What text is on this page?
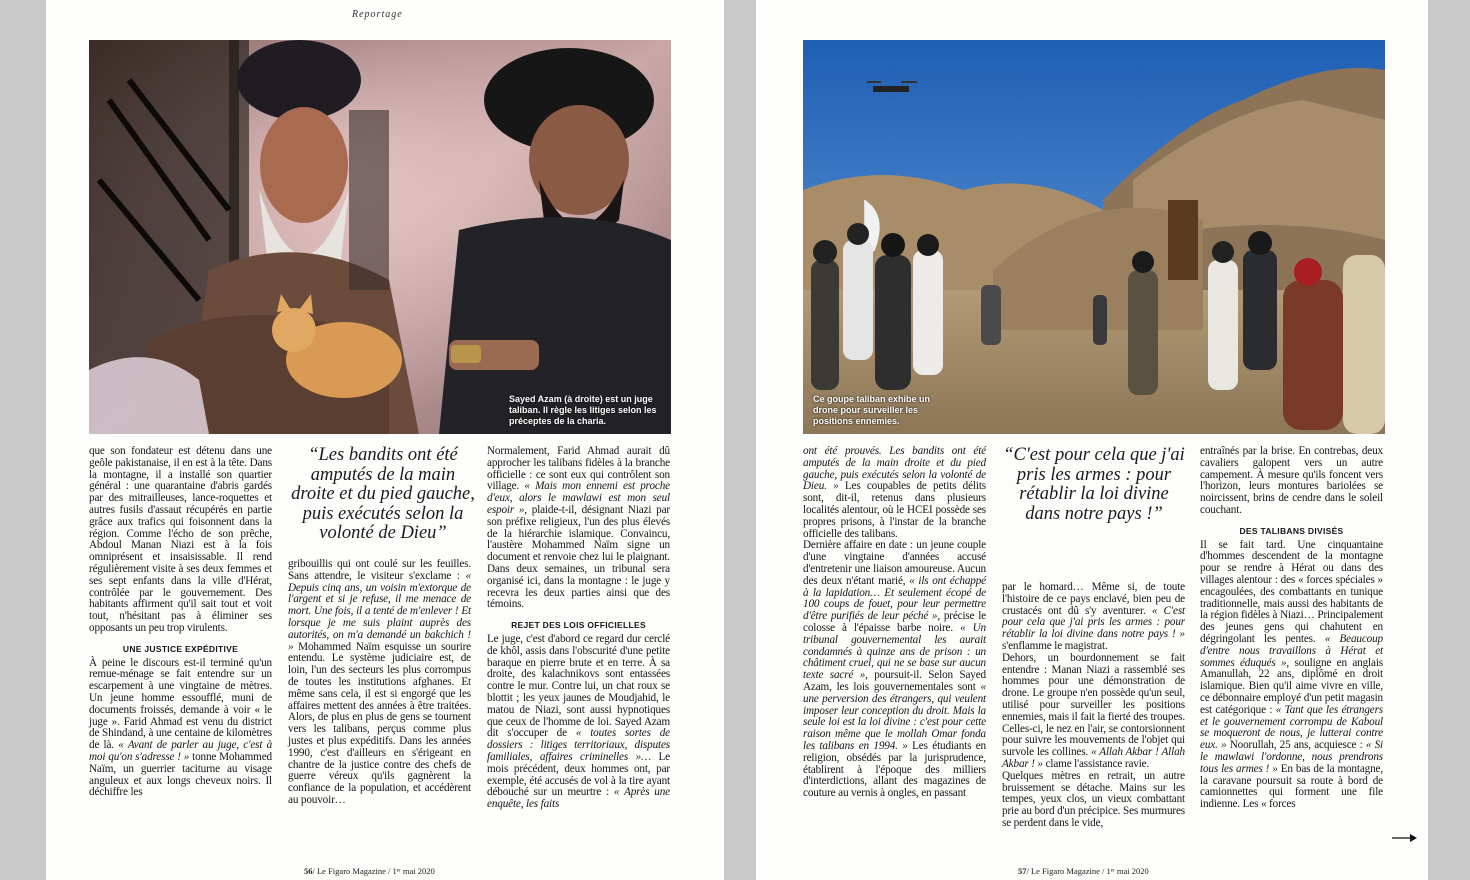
Reportage
Sayed Azam (à droite) est un juge taliban. Il règle les litiges selon les préceptes de la charia.

que son fondateur est détenu dans une geôle pakistanaise, il en est à la tête. Dans la montagne, il a installé son quartier général : une quarantaine d'abris gardés par des mitrailleuses, lance-roquettes et autres fusils d'assaut récupérés en partie grâce aux trafics qui foisonnent dans la région. Comme l'écho de son prêche, Abdoul Manan Niazi est à la fois omniprésent et insaisissable. Il rend régulièrement visite à ses deux femmes et ses sept enfants dans la ville d'Hérat, contrôlée par le gouvernement. Des habitants affirment qu'il sait tout et voit tout, n'hésitant pas à éliminer ses opposants un peu trop virulents.

UNE JUSTICE EXPÉDITIVE

À peine le discours est-il terminé qu'un remue-ménage se fait entendre sur un escarpement à une vingtaine de mètres. Un jeune homme essoufflé, muni de documents froissés, demande à voir « le juge ». Farid Ahmad est venu du district de Shindand, à une centaine de kilomètres de là. « Avant de parler au juge, c'est à moi qu'on s'adresse ! » tonne Mohammed Naïm, un guerrier taciturne au visage anguleux et aux longs cheveux noirs. Il déchiffre les

“Les bandits ont été amputés de la main droite et du pied gauche, puis exécutés selon la volonté de Dieu”

gribouillis qui ont coulé sur les feuilles. Sans attendre, le visiteur s'exclame : « Depuis cinq ans, un voisin m'extorque de l'argent et si je refuse, il me menace de mort. Une fois, il a tenté de m'enlever ! Et lorsque je me suis plaint auprès des autorités, on m'a demandé un bakchich ! » Mohammed Naïm esquisse un sourire entendu. Le système judiciaire est, de loin, l'un des secteurs les plus corrompus de toutes les institutions afghanes. Et même sans cela, il est si engorgé que les affaires mettent des années à être traitées. Alors, de plus en plus de gens se tournent vers les talibans, perçus comme plus justes et plus expéditifs. Dans les années 1990, c'est d'ailleurs en s'érigeant en chantre de la justice contre des chefs de guerre véreux qu'ils gagnèrent la confiance de la population, et accédèrent au pouvoir…

Normalement, Farid Ahmad aurait dû approcher les talibans fidèles à la branche officielle : ce sont eux qui contrôlent son village. « Mais mon ennemi est proche d'eux, alors le mawlawi est mon seul espoir », plaide-t-il, désignant Niazi par son préfixe religieux, l'un des plus élevés de la hiérarchie islamique. Convaincu, l'austère Mohammed Naïm signe un document et renvoie chez lui le plaignant. Dans deux semaines, un tribunal sera organisé ici, dans la montagne : le juge y recevra les deux parties ainsi que des témoins.

REJET DES LOIS OFFICIELLES

Le juge, c'est d'abord ce regard dur cerclé de khôl, assis dans l'obscurité d'une petite baraque en pierre brute et en terre. À sa droite, des kalachnikovs sont entassées contre le mur. Contre lui, un chat roux se blottit ; les yeux jaunes de Moudjahid, le matou de Niazi, sont aussi hypnotiques que ceux de l'homme de loi. Sayed Azam dit s'occuper de « toutes sortes de dossiers : litiges territoriaux, disputes familiales, affaires criminelles »… Le mois précédent, deux hommes ont, par exemple, été accusés de vol à la tire ayant débouché sur un meurtre : « Après une enquête, les faits

56/ Le Figaro Magazine / 1ᵉʳ mai 2020
Ce goupe taliban exhibe un drone pour surveiller les positions ennemies.

ont été prouvés. Les bandits ont été amputés de la main droite et du pied gauche, puis exécutés selon la volonté de Dieu. » Les coupables de petits délits sont, dit-il, retenus dans plusieurs localités alentour, où le HCEI possède ses propres prisons, à l'instar de la branche officielle des talibans.

Dernière affaire en date : un jeune couple d'une vingtaine d'années accusé d'entretenir une liaison amoureuse. Aucun des deux n'étant marié, « ils ont échappé à la lapidation… Et seulement écopé de 100 coups de fouet, pour leur permettre d'être purifiés de leur péché », précise le colosse à l'épaisse barbe noire. « Un tribunal gouvernemental les aurait condamnés à quinze ans de prison : un châtiment cruel, qui ne se base sur aucun texte sacré », poursuit-il. Selon Sayed Azam, les lois gouvernementales sont « une perversion des étrangers, qui veulent imposer leur conception du droit. Mais la seule loi est la loi divine : c'est pour cette raison même que le mollah Omar fonda les talibans en 1994. » Les étudiants en religion, obsédés par la jurisprudence, établirent à l'époque des milliers d'interdictions, allant des magazines de couture au vernis à ongles, en passant

“C'est pour cela que j'ai pris les armes : pour rétablir la loi divine dans notre pays !”

par le homard… Même si, de toute l'histoire de ce pays enclavé, bien peu de crustacés ont dû s'y aventurer. « C'est pour cela que j'ai pris les armes : pour rétablir la loi divine dans notre pays ! » s'enflamme le magistrat.

Dehors, un bourdonnement se fait entendre : Manan Niazi a rassemblé ses hommes pour une démonstration de drone. Le groupe n'en possède qu'un seul, utilisé pour surveiller les positions ennemies, mais il fait la fierté des troupes. Celles-ci, le nez en l'air, se contorsionnent pour suivre les mouvements de l'objet qui survole les collines. « Allah Akbar ! Allah Akbar ! » clame l'assistance ravie.

Quelques mètres en retrait, un autre bruissement se détache. Mains sur les tempes, yeux clos, un vieux combattant prie au bord d'un précipice. Ses murmures se perdent dans le vide,

entraînés par la brise. En contrebas, deux cavaliers galopent vers un autre campement. À mesure qu'ils foncent vers l'horizon, leurs montures bariolées se noircissent, brins de cendre dans le soleil couchant.

DES TALIBANS DIVISÉS

Il se fait tard. Une cinquantaine d'hommes descendent de la montagne pour se rendre à Hérat ou dans des villages alentour : des « forces spéciales » encagoulées, des combattants en tunique traditionnelle, mais aussi des habitants de la région fidèles à Niazi… Principalement des jeunes gens qui chahutent en dégringolant les pentes. « Beaucoup d'entre nous travaillons à Hérat et sommes éduqués », souligne en anglais Amanullah, 22 ans, diplômé en droit islamique. Bien qu'il aime vivre en ville, ce débonnaire employé d'un petit magasin est catégorique : « Tant que les étrangers et le gouvernement corrompu de Kaboul se moqueront de nous, je lutterai contre eux. » Noorullah, 25 ans, acquiesce : « Si le mawlawi l'ordonne, nous prendrons tous les armes ! » En bas de la montagne, la caravane poursuit sa route à bord de camionnettes qui forment une file indienne. Les « forces

57/ Le Figaro Magazine / 1ᵉʳ mai 2020
